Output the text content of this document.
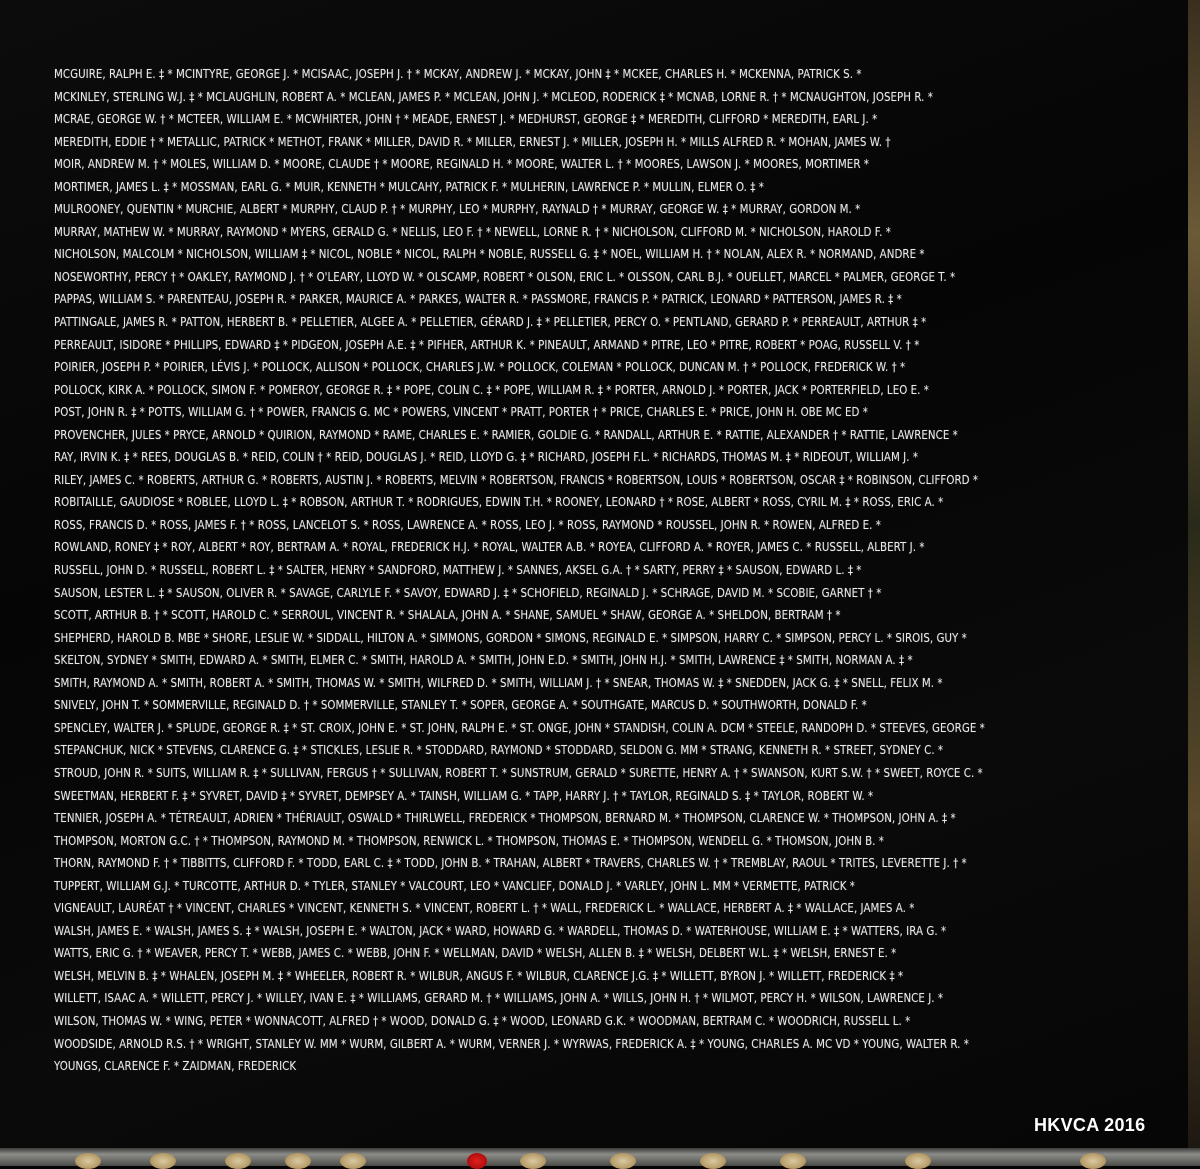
MCGUIRE, RALPH E. ‡ * MCINTYRE, GEORGE J. * MCISAAC, JOSEPH J. † * MCKAY, ANDREW J. * MCKAY, JOHN ‡ * MCKEE, CHARLES H. * MCKENNA, PATRICK S. *
MCKINLEY, STERLING W.J. ‡ * MCLAUGHLIN, ROBERT A. * MCLEAN, JAMES P. * MCLEAN, JOHN J. * MCLEOD, RODERICK ‡ * MCNAB, LORNE R. † * MCNAUGHTON, JOSEPH R. *
MCRAE, GEORGE W. † * MCTEER, WILLIAM E. * MCWHIRTER, JOHN † * MEADE, ERNEST J. * MEDHURST, GEORGE ‡ * MEREDITH, CLIFFORD * MEREDITH, EARL J. *
MEREDITH, EDDIE † * METALLIC, PATRICK * METHOT, FRANK * MILLER, DAVID R. * MILLER, ERNEST J. * MILLER, JOSEPH H. * MILLS ALFRED R. * MOHAN, JAMES W. †
MOIR, ANDREW M. † * MOLES, WILLIAM D. * MOORE, CLAUDE † * MOORE, REGINALD H. * MOORE, WALTER L. † * MOORES, LAWSON J. * MOORES, MORTIMER *
MORTIMER, JAMES L. ‡ * MOSSMAN, EARL G. * MUIR, KENNETH * MULCAHY, PATRICK F. * MULHERIN, LAWRENCE P. * MULLIN, ELMER O. ‡ *
MULROONEY, QUENTIN * MURCHIE, ALBERT * MURPHY, CLAUD P. † * MURPHY, LEO * MURPHY, RAYNALD † * MURRAY, GEORGE W. ‡ * MURRAY, GORDON M. *
MURRAY, MATHEW W. * MURRAY, RAYMOND * MYERS, GERALD G. * NELLIS, LEO F. † * NEWELL, LORNE R. † * NICHOLSON, CLIFFORD M. * NICHOLSON, HAROLD F. *
NICHOLSON, MALCOLM * NICHOLSON, WILLIAM ‡ * NICOL, NOBLE * NICOL, RALPH * NOBLE, RUSSELL G. ‡ * NOEL, WILLIAM H. † * NOLAN, ALEX R. * NORMAND, ANDRE *
NOSEWORTHY, PERCY † * OAKLEY, RAYMOND J. † * O'LEARY, LLOYD W. * OLSCAMP, ROBERT * OLSON, ERIC L. * OLSSON, CARL B.J. * OUELLET, MARCEL * PALMER, GEORGE T. *
PAPPAS, WILLIAM S. * PARENTEAU, JOSEPH R. * PARKER, MAURICE A. * PARKES, WALTER R. * PASSMORE, FRANCIS P. * PATRICK, LEONARD * PATTERSON, JAMES R. ‡ *
PATTINGALE, JAMES R. * PATTON, HERBERT B. * PELLETIER, ALGEE A. * PELLETIER, GÉRARD J. ‡ * PELLETIER, PERCY O. * PENTLAND, GERARD P. * PERREAULT, ARTHUR ‡ *
PERREAULT, ISIDORE * PHILLIPS, EDWARD ‡ * PIDGEON, JOSEPH A.E. ‡ * PIFHER, ARTHUR K. * PINEAULT, ARMAND * PITRE, LEO * PITRE, ROBERT * POAG, RUSSELL V. † *
POIRIER, JOSEPH P. * POIRIER, LÉVIS J. * POLLOCK, ALLISON * POLLOCK, CHARLES J.W. * POLLOCK, COLEMAN * POLLOCK, DUNCAN M. † * POLLOCK, FREDERICK W. † *
POLLOCK, KIRK A. * POLLOCK, SIMON F. * POMEROY, GEORGE R. ‡ * POPE, COLIN C. ‡ * POPE, WILLIAM R. ‡ * PORTER, ARNOLD J. * PORTER, JACK * PORTERFIELD, LEO E. *
POST, JOHN R. ‡ * POTTS, WILLIAM G. † * POWER, FRANCIS G. MC * POWERS, VINCENT * PRATT, PORTER † * PRICE, CHARLES E. * PRICE, JOHN H. OBE MC ED *
PROVENCHER, JULES * PRYCE, ARNOLD * QUIRION, RAYMOND * RAME, CHARLES E. * RAMIER, GOLDIE G. * RANDALL, ARTHUR E. * RATTIE, ALEXANDER † * RATTIE, LAWRENCE *
RAY, IRVIN K. ‡ * REES, DOUGLAS B. * REID, COLIN † * REID, DOUGLAS J. * REID, LLOYD G. ‡ * RICHARD, JOSEPH F.L. * RICHARDS, THOMAS M. ‡ * RIDEOUT, WILLIAM J. *
RILEY, JAMES C. * ROBERTS, ARTHUR G. * ROBERTS, AUSTIN J. * ROBERTS, MELVIN * ROBERTSON, FRANCIS * ROBERTSON, LOUIS * ROBERTSON, OSCAR ‡ * ROBINSON, CLIFFORD *
ROBITAILLE, GAUDIOSE * ROBLEE, LLOYD L. ‡ * ROBSON, ARTHUR T. * RODRIGUES, EDWIN T.H. * ROONEY, LEONARD † * ROSE, ALBERT * ROSS, CYRIL M. ‡ * ROSS, ERIC A. *
ROSS, FRANCIS D. * ROSS, JAMES F. † * ROSS, LANCELOT S. * ROSS, LAWRENCE A. * ROSS, LEO J. * ROSS, RAYMOND * ROUSSEL, JOHN R. * ROWEN, ALFRED E. *
ROWLAND, RONEY ‡ * ROY, ALBERT * ROY, BERTRAM A. * ROYAL, FREDERICK H.J. * ROYAL, WALTER A.B. * ROYEA, CLIFFORD A. * ROYER, JAMES C. * RUSSELL, ALBERT J. *
RUSSELL, JOHN D. * RUSSELL, ROBERT L. ‡ * SALTER, HENRY * SANDFORD, MATTHEW J. * SANNES, AKSEL G.A. † * SARTY, PERRY ‡ * SAUSON, EDWARD L. ‡ *
SAUSON, LESTER L. ‡ * SAUSON, OLIVER R. * SAVAGE, CARLYLE F. * SAVOY, EDWARD J. ‡ * SCHOFIELD, REGINALD J. * SCHRAGE, DAVID M. * SCOBIE, GARNET † *
SCOTT, ARTHUR B. † * SCOTT, HAROLD C. * SERROUL, VINCENT R. * SHALALA, JOHN A. * SHANE, SAMUEL * SHAW, GEORGE A. * SHELDON, BERTRAM † *
SHEPHERD, HAROLD B. MBE * SHORE, LESLIE W. * SIDDALL, HILTON A. * SIMMONS, GORDON * SIMONS, REGINALD E. * SIMPSON, HARRY C. * SIMPSON, PERCY L. * SIROIS, GUY *
SKELTON, SYDNEY * SMITH, EDWARD A. * SMITH, ELMER C. * SMITH, HAROLD A. * SMITH, JOHN E.D. * SMITH, JOHN H.J. * SMITH, LAWRENCE ‡ * SMITH, NORMAN A. ‡ *
SMITH, RAYMOND A. * SMITH, ROBERT A. * SMITH, THOMAS W. * SMITH, WILFRED D. * SMITH, WILLIAM J. † * SNEAR, THOMAS W. ‡ * SNEDDEN, JACK G. ‡ * SNELL, FELIX M. *
SNIVELY, JOHN T. * SOMMERVILLE, REGINALD D. † * SOMMERVILLE, STANLEY T. * SOPER, GEORGE A. * SOUTHGATE, MARCUS D. * SOUTHWORTH, DONALD F. *
SPENCLEY, WALTER J. * SPLUDE, GEORGE R. ‡ * ST. CROIX, JOHN E. * ST. JOHN, RALPH E. * ST. ONGE, JOHN * STANDISH, COLIN A. DCM * STEELE, RANDOPH D. * STEEVES, GEORGE *
STEPANCHUK, NICK * STEVENS, CLARENCE G. ‡ * STICKLES, LESLIE R. * STODDARD, RAYMOND * STODDARD, SELDON G. MM * STRANG, KENNETH R. * STREET, SYDNEY C. *
STROUD, JOHN R. * SUITS, WILLIAM R. ‡ * SULLIVAN, FERGUS † * SULLIVAN, ROBERT T. * SUNSTRUM, GERALD * SURETTE, HENRY A. † * SWANSON, KURT S.W. † * SWEET, ROYCE C. *
SWEETMAN, HERBERT F. ‡ * SYVRET, DAVID ‡ * SYVRET, DEMPSEY A. * TAINSH, WILLIAM G. * TAPP, HARRY J. † * TAYLOR, REGINALD S. ‡ * TAYLOR, ROBERT W. *
TENNIER, JOSEPH A. * TÉTREAULT, ADRIEN * THÉRIAULT, OSWALD * THIRLWELL, FREDERICK * THOMPSON, BERNARD M. * THOMPSON, CLARENCE W. * THOMPSON, JOHN A. ‡ *
THOMPSON, MORTON G.C. † * THOMPSON, RAYMOND M. * THOMPSON, RENWICK L. * THOMPSON, THOMAS E. * THOMPSON, WENDELL G. * THOMSON, JOHN B. *
THORN, RAYMOND F. † * TIBBITTS, CLIFFORD F. * TODD, EARL C. ‡ * TODD, JOHN B. * TRAHAN, ALBERT * TRAVERS, CHARLES W. † * TREMBLAY, RAOUL * TRITES, LEVERETTE J. † *
TUPPERT, WILLIAM G.J. * TURCOTTE, ARTHUR D. * TYLER, STANLEY * VALCOURT, LEO * VANCLIEF, DONALD J. * VARLEY, JOHN L. MM * VERMETTE, PATRICK *
VIGNEAULT, LAURÉAT † * VINCENT, CHARLES * VINCENT, KENNETH S. * VINCENT, ROBERT L. † * WALL, FREDERICK L. * WALLACE, HERBERT A. ‡ * WALLACE, JAMES A. *
WALSH, JAMES E. * WALSH, JAMES S. ‡ * WALSH, JOSEPH E. * WALTON, JACK * WARD, HOWARD G. * WARDELL, THOMAS D. * WATERHOUSE, WILLIAM E. ‡ * WATTERS, IRA G. *
WATTS, ERIC G. † * WEAVER, PERCY T. * WEBB, JAMES C. * WEBB, JOHN F. * WELLMAN, DAVID * WELSH, ALLEN B. ‡ * WELSH, DELBERT W.L. ‡ * WELSH, ERNEST E. *
WELSH, MELVIN B. ‡ * WHALEN, JOSEPH M. ‡ * WHEELER, ROBERT R. * WILBUR, ANGUS F. * WILBUR, CLARENCE J.G. ‡ * WILLETT, BYRON J. * WILLETT, FREDERICK ‡ *
WILLETT, ISAAC A. * WILLETT, PERCY J. * WILLEY, IVAN E. ‡ * WILLIAMS, GERARD M. † * WILLIAMS, JOHN A. * WILLS, JOHN H. † * WILMOT, PERCY H. * WILSON, LAWRENCE J. *
WILSON, THOMAS W. * WING, PETER * WONNACOTT, ALFRED † * WOOD, DONALD G. ‡ * WOOD, LEONARD G.K. * WOODMAN, BERTRAM C. * WOODRICH, RUSSELL L. *
WOODSIDE, ARNOLD R.S. † * WRIGHT, STANLEY W. MM * WURM, GILBERT A. * WURM, VERNER J. * WYRWAS, FREDERICK A. ‡ * YOUNG, CHARLES A. MC VD * YOUNG, WALTER R. *
YOUNGS, CLARENCE F. * ZAIDMAN, FREDERICK
HKVCA 2016
